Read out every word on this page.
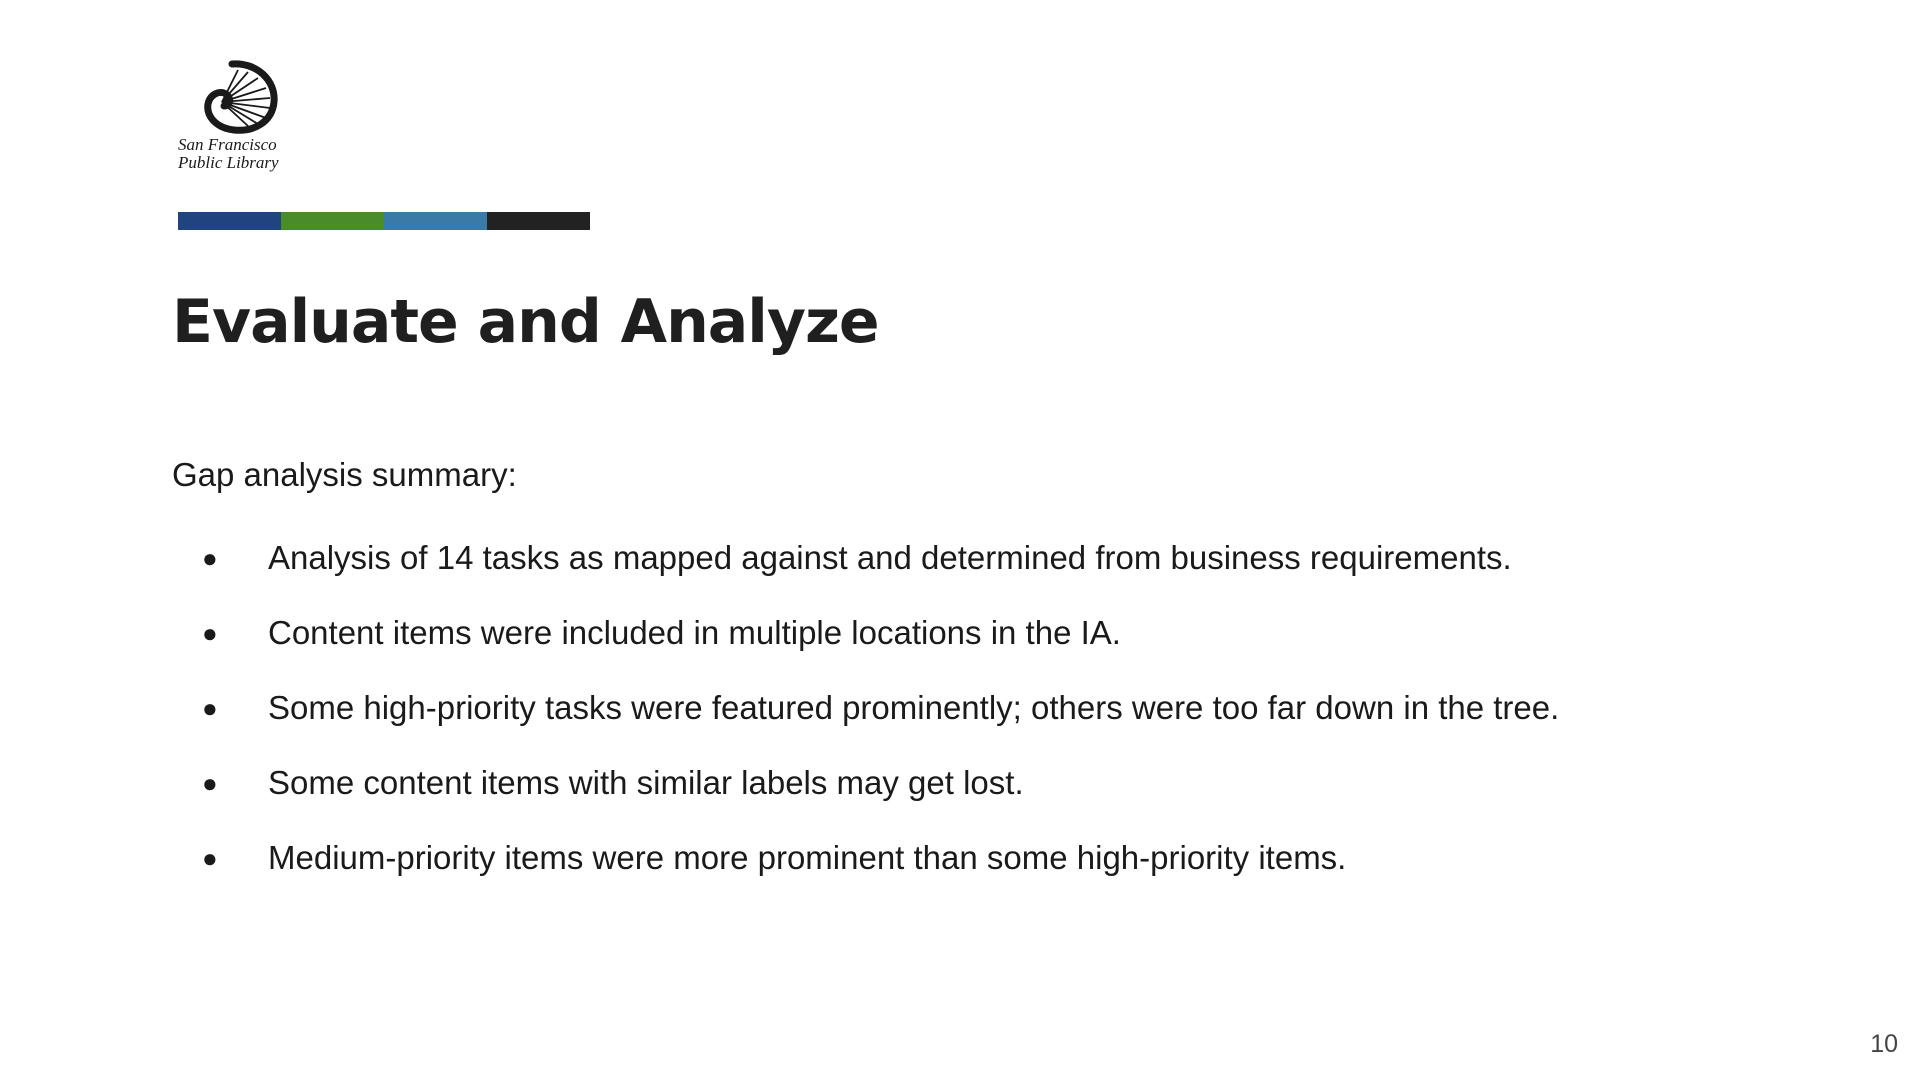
San Francisco
Public Library
Evaluate and Analyze
Gap analysis summary:
● Analysis of 14 tasks as mapped against and determined from business requirements.
● Content items were included in multiple locations in the IA.
● Some high-priority tasks were featured prominently; others were too far down in the tree.
● Some content items with similar labels may get lost.
● Medium-priority items were more prominent than some high-priority items.
10
